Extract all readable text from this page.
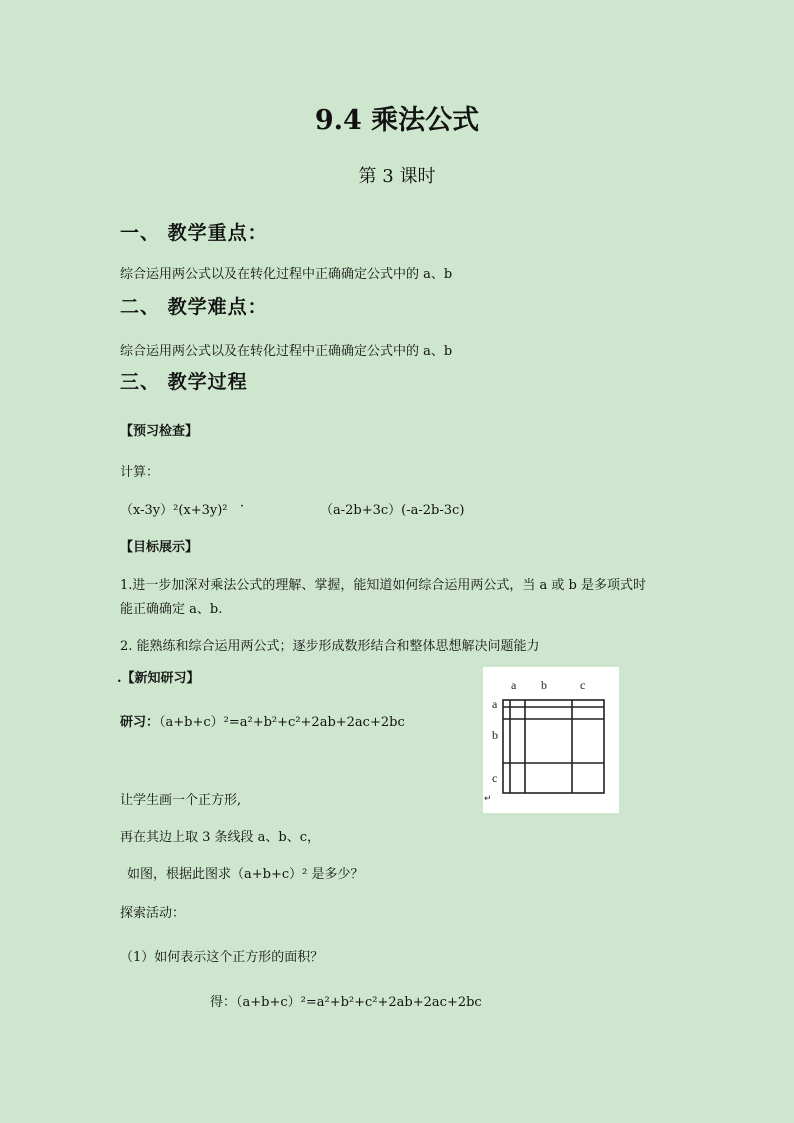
9.4 乘法公式
第 3 课时
一、 教学重点：
综合运用两公式以及在转化过程中正确确定公式中的 a、b
二、 教学难点：
综合运用两公式以及在转化过程中正确确定公式中的 a、b
三、 教学过程
【预习检查】
计算：
（x-3y）²(x+3y)² ·	（a-2b+3c）(-a-2b-3c)
【目标展示】
1.进一步加深对乘法公式的理解、掌握，能知道如何综合运用两公式，当 a 或 b 是多项式时
能正确确定 a、b.
2. 能熟练和综合运用两公式；逐步形成数形结合和整体思想解决问题能力
.【新知研习】
研习：（a+b+c）²=a²+b²+c²+2ab+2ac+2bc
a b	c
a
b
c
↵
让学生画一个正方形,
再在其边上取 3 条线段 a、b、c，
如图，根据此图求（a+b+c）² 是多少？
探索活动：
（1）如何表示这个正方形的面积？
得：（a+b+c）²=a²+b²+c²+2ab+2ac+2bc
